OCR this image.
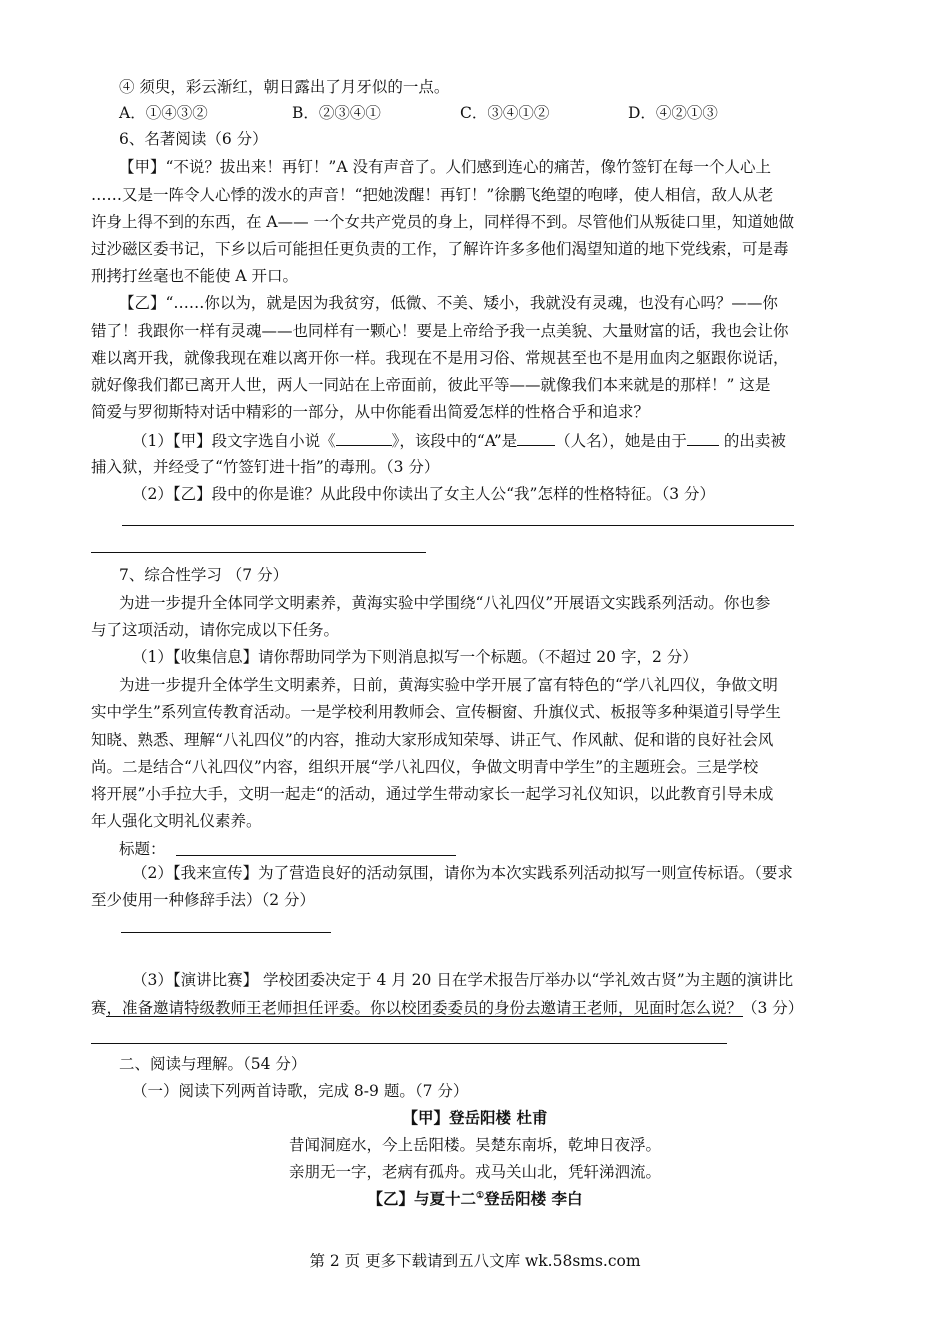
④ 须臾，彩云渐红，朝日露出了月牙似的一点。
A．①④③②	B．②③④①	C．③④①②	D．④②①③
6、名著阅读（6 分）
【甲】“不说？拔出来！再钉！”A 没有声音了。人们感到连心的痛苦，像竹签钉在每一个人心上
……又是一阵令人心悸的泼水的声音！“把她泼醒！再钉！”徐鹏飞绝望的咆哮，使人相信，敌人从老
许身上得不到的东西，在 A—— 一个女共产党员的身上，同样得不到。尽管他们从叛徒口里，知道她做
过沙磁区委书记，下乡以后可能担任更负责的工作，了解许许多多他们渴望知道的地下党线索，可是毒
刑拷打丝毫也不能使 A 开口。
【乙】“……你以为，就是因为我贫穷，低微、不美、矮小，我就没有灵魂，也没有心吗？——你
错了！我跟你一样有灵魂——也同样有一颗心！要是上帝给予我一点美貌、大量财富的话，我也会让你
难以离开我，就像我现在难以离开你一样。我现在不是用习俗、常规甚至也不是用血肉之躯跟你说话，
就好像我们都已离开人世，两人一同站在上帝面前，彼此平等——就像我们本来就是的那样！” 这是
简爱与罗彻斯特对话中精彩的一部分，从中你能看出简爱怎样的性格合乎和追求？
（1）【甲】段文字选自小说《	》，该段中的“A”是 （人名），她是由于 的出卖被
捕入狱，并经受了“竹签钉进十指”的毒刑。（3 分）
（2）【乙】段中的你是谁？从此段中你读出了女主人公“我”怎样的性格特征。（3 分）
7、综合性学习 （7 分）
为进一步提升全体同学文明素养，黄海实验中学围绕“八礼四仪”开展语文实践系列活动。你也参
与了这项活动，请你完成以下任务。
（1）【收集信息】请你帮助同学为下则消息拟写一个标题。（不超过 20 字，2 分）
为进一步提升全体学生文明素养，日前，黄海实验中学开展了富有特色的“学八礼四仪，争做文明
实中学生”系列宣传教育活动。一是学校利用教师会、宣传橱窗、升旗仪式、板报等多种渠道引导学生
知晓、熟悉、理解“八礼四仪”的内容，推动大家形成知荣辱、讲正气、作风献、促和谐的良好社会风
尚。二是结合“八礼四仪”内容，组织开展“学八礼四仪，争做文明青中学生”的主题班会。三是学校
将开展”小手拉大手，文明一起走“的活动，通过学生带动家长一起学习礼仪知识，以此教育引导未成
年人强化文明礼仪素养。
标题：
（2）【我来宣传】为了营造良好的活动氛围，请你为本次实践系列活动拟写一则宣传标语。（要求
至少使用一种修辞手法）（2 分）
（3）【演讲比赛】 学校团委决定于 4 月 20 日在学术报告厅举办以“学礼效古贤”为主题的演讲比
赛，准备邀请特级教师王老师担任评委。你以校团委委员的身份去邀请王老师，见面时怎么说？（3 分）
二、阅读与理解。（54 分）
（一）阅读下列两首诗歌，完成 8-9 题。（7 分）
【甲】登岳阳楼 杜甫
昔闻洞庭水，今上岳阳楼。吴楚东南坼，乾坤日夜浮。
亲朋无一字，老病有孤舟。戎马关山北，凭轩涕泗流。
【乙】与夏十二①登岳阳楼 李白
第 2 页 更多下载请到五八文库 wk.58sms.com
